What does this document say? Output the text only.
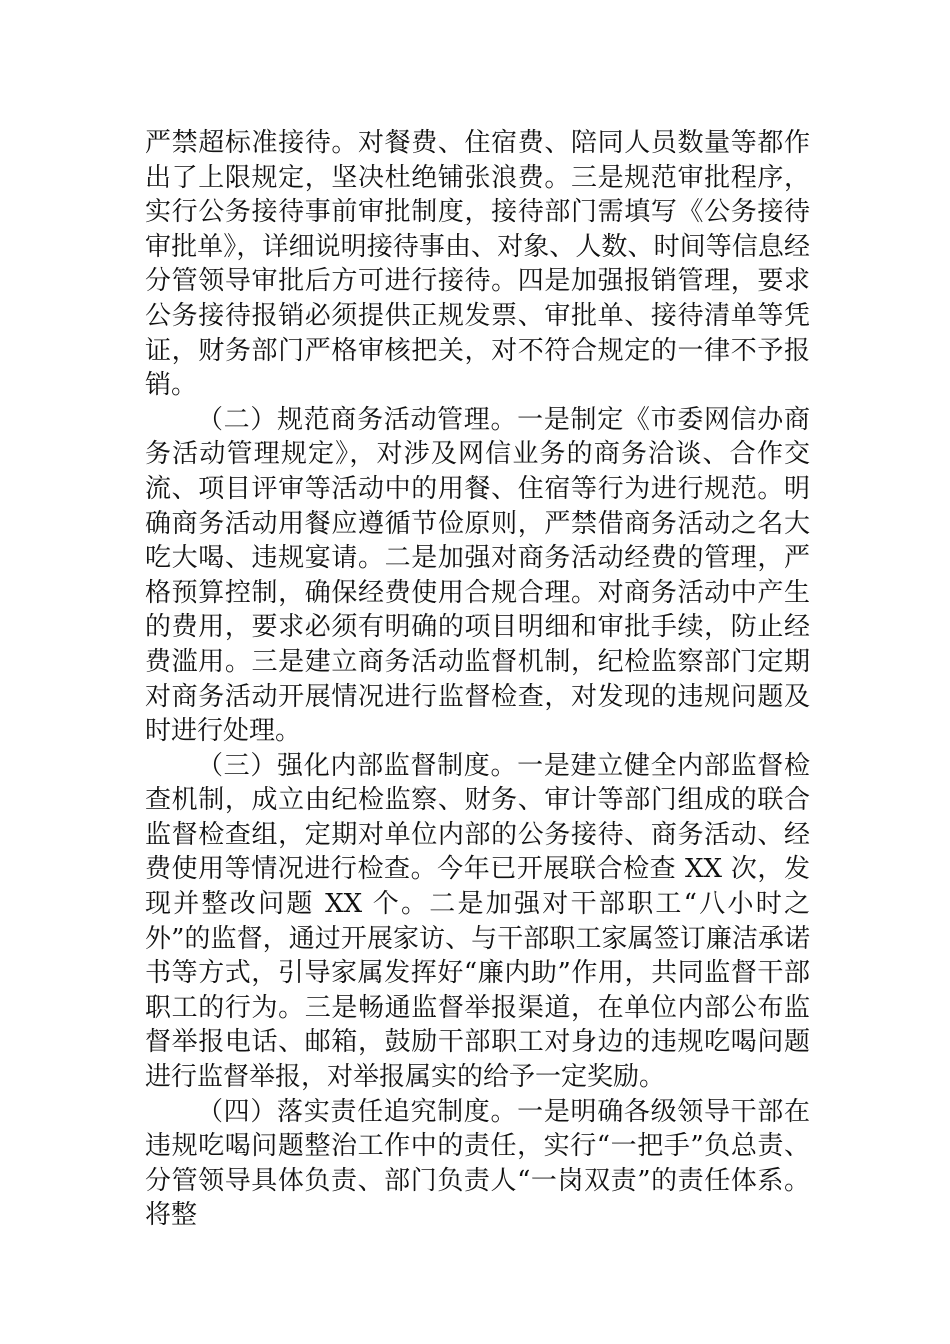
严禁超标准接待。对餐费、住宿费、陪同人员数量等都作出了上限规定，坚决杜绝铺张浪费。三是规范审批程序，实行公务接待事前审批制度，接待部门需填写《公务接待审批单》，详细说明接待事由、对象、人数、时间等信息经分管领导审批后方可进行接待。四是加强报销管理，要求公务接待报销必须提供正规发票、审批单、接待清单等凭证，财务部门严格审核把关，对不符合规定的一律不予报销。

（二）规范商务活动管理。一是制定《市委网信办商务活动管理规定》，对涉及网信业务的商务洽谈、合作交流、项目评审等活动中的用餐、住宿等行为进行规范。明确商务活动用餐应遵循节俭原则，严禁借商务活动之名大吃大喝、违规宴请。二是加强对商务活动经费的管理，严格预算控制，确保经费使用合规合理。对商务活动中产生的费用，要求必须有明确的项目明细和审批手续，防止经费滥用。三是建立商务活动监督机制，纪检监察部门定期对商务活动开展情况进行监督检查，对发现的违规问题及时进行处理。

（三）强化内部监督制度。一是建立健全内部监督检查机制，成立由纪检监察、财务、审计等部门组成的联合监督检查组，定期对单位内部的公务接待、商务活动、经费使用等情况进行检查。今年已开展联合检查 XX 次，发现并整改问题 XX 个。二是加强对干部职工“八小时之外”的监督，通过开展家访、与干部职工家属签订廉洁承诺书等方式，引导家属发挥好“廉内助”作用，共同监督干部职工的行为。三是畅通监督举报渠道，在单位内部公布监督举报电话、邮箱，鼓励干部职工对身边的违规吃喝问题进行监督举报，对举报属实的给予一定奖励。

（四）落实责任追究制度。一是明确各级领导干部在违规吃喝问题整治工作中的责任，实行“一把手”负总责、分管领导具体负责、部门负责人“一岗双责”的责任体系。将整
